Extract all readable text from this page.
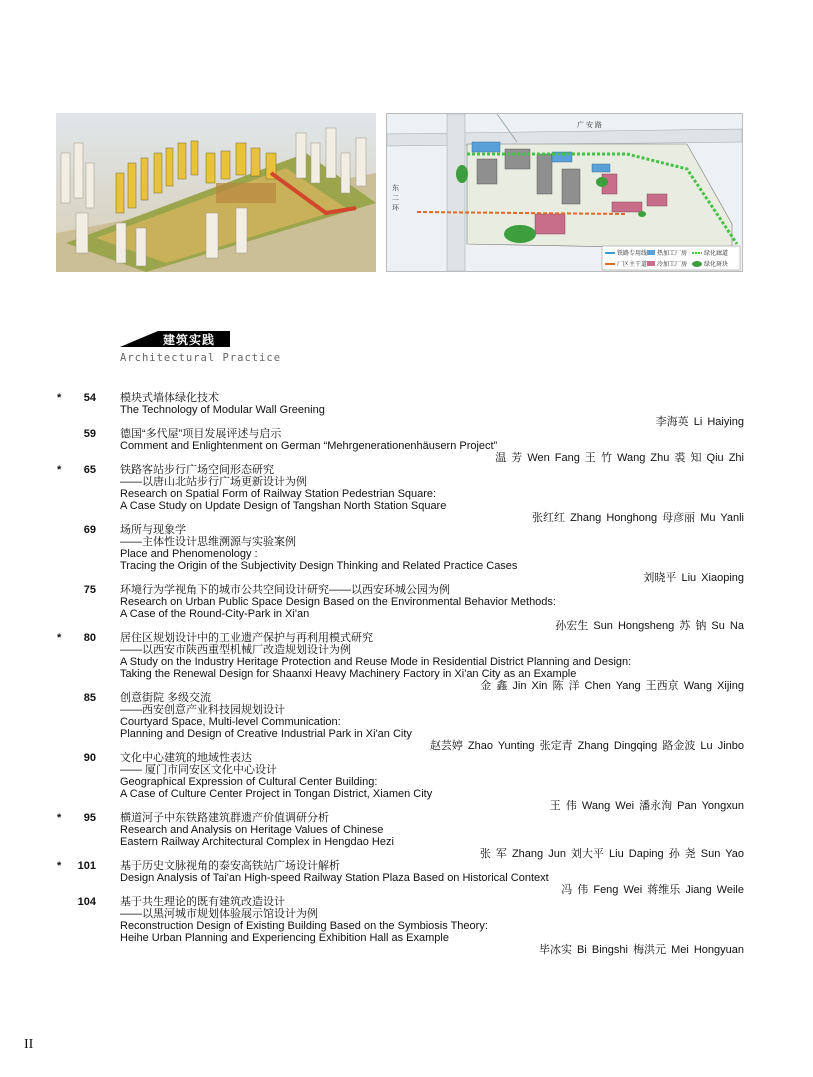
广 安 路
东二环
铁路专用线 热加工厂房	绿化廊道
厂区主干道 冷加工厂房	绿化斑块
建筑实践
Architectural Practice
*	54 模块式墙体绿化技术
The Technology of Modular Wall Greening
李海英 Li Haiying
59 德国“多代屋”项目发展评述与启示
Comment and Enlightenment on German “Mehrgenerationenhäusern Project”
温 芳 Wen Fang 王 竹 Wang Zhu 裘 知 Qiu Zhi
*	65 铁路客站步行广场空间形态研究
——以唐山北站步行广场更新设计为例
Research on Spatial Form of Railway Station Pedestrian Square:
A Case Study on Update Design of Tangshan North Station Square
张红红 Zhang Honghong 母彦丽 Mu Yanli
69 场所与现象学
——主体性设计思维溯源与实验案例
Place and Phenomenology :
Tracing the Origin of the Subjectivity Design Thinking and Related Practice Cases
刘晓平 Liu Xiaoping
75 环境行为学视角下的城市公共空间设计研究——以西安环城公园为例
Research on Urban Public Space Design Based on the Environmental Behavior Methods:
A Case of the Round-City-Park in Xi'an
孙宏生 Sun Hongsheng 苏 钠 Su Na
*	80 居住区规划设计中的工业遗产保护与再利用模式研究
——以西安市陕西重型机械厂改造规划设计为例
A Study on the Industry Heritage Protection and Reuse Mode in Residential District Planning and Design:
Taking the Renewal Design for Shaanxi Heavy Machinery Factory in Xi'an City as an Example
金 鑫 Jin Xin 陈 洋 Chen Yang 王西京 Wang Xijing
85 创意街院 多级交流
——西安创意产业科技园规划设计
Courtyard Space, Multi-level Communication:
Planning and Design of Creative Industrial Park in Xi'an City
赵芸婷 Zhao Yunting 张定青 Zhang Dingqing 路金波 Lu Jinbo
90 文化中心建筑的地域性表达
—— 厦门市同安区文化中心设计
Geographical Expression of Cultural Center Building:
A Case of Culture Center Project in Tongan District, Xiamen City
王 伟 Wang Wei 潘永洵 Pan Yongxun
*	95 横道河子中东铁路建筑群遗产价值调研分析
Research and Analysis on Heritage Values of Chinese
Eastern Railway Architectural Complex in Hengdao Hezi
张 军 Zhang Jun 刘大平 Liu Daping 孙 尧 Sun Yao
*	101 基于历史文脉视角的泰安高铁站广场设计解析
Design Analysis of Tai'an High-speed Railway Station Plaza Based on Historical Context
冯 伟 Feng Wei 蒋维乐 Jiang Weile
104 基于共生理论的既有建筑改造设计
——以黑河城市规划体验展示馆设计为例
Reconstruction Design of Existing Building Based on the Symbiosis Theory:
Heihe Urban Planning and Experiencing Exhibition Hall as Example
毕冰实 Bi Bingshi 梅洪元 Mei Hongyuan
II
